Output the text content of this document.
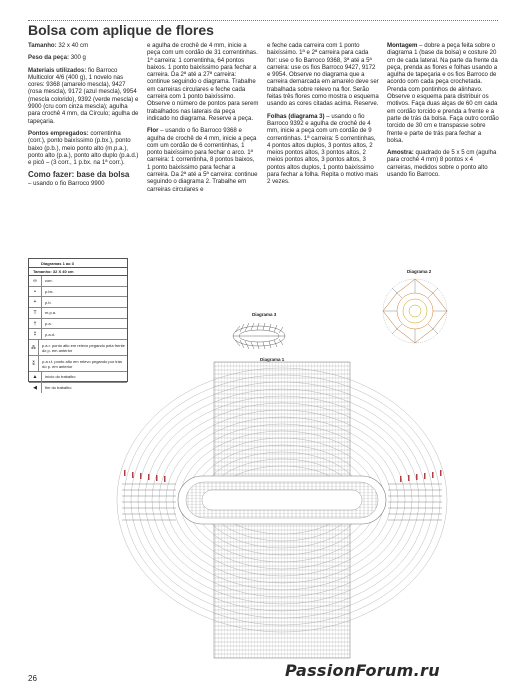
Bolsa com aplique de flores

Tamanho: 32 x 40 cm

Peso da peça: 300 g

Materiais utilizados: fio Barroco Multicolor 4/6 (400 g), 1 novelo nas cores: 9368 (amarelo mescla), 9427 (rosa mescla), 9172 (azul mescla), 9954 (mescla colorido), 9392 (verde mescla) e 9900 (cru com cinza mescla); agulha para crochê 4 mm, da Círculo; agulha de tapeçaria.

Pontos empregados: correntinha (corr.), ponto baixíssimo (p.bx.), ponto baixo (p.b.), meio ponto alto (m.p.a.), ponto alto (p.a.), ponto alto duplo (p.a.d.) e picô – (3 corr., 1 p.bx. na 1ª corr.).

Como fazer: base da bolsa
– usando o fio Barroco 9900

e agulha de crochê de 4 mm, inicie a peça com um cordão de 31 correntinhas. 1ª carreira: 1 correntinha, 64 pontos baixos. 1 ponto baixíssimo para fechar a carreira. Da 2ª até a 27ª carreira: continue seguindo o diagrama. Trabalhe em carreiras circulares e feche cada carreira com 1 ponto baixíssimo. Observe o número de pontos para serem trabalhados nas laterais da peça indicado no diagrama. Reserve a peça.

Flor – usando o fio Barroco 9368 e agulha de crochê de 4 mm, inicie a peça com um cordão de 6 correntinhas, 1 ponto baixíssimo para fechar o arco. 1ª carreira: 1 correntinha, 8 pontos baixos, 1 ponto baixíssimo para fechar a carreira. Da 2ª até a 5ª carreira: continue seguindo o diagrama 2. Trabalhe em carreiras circulares e

e feche cada carreira com 1 ponto baixíssimo. 1ª e 2ª carreira para cada flor: use o fio Barroco 9368, 3ª até a 5ª carreira: use os fios Barroco 9427, 9172 e 9954. Observe no diagrama que a carreira demarcada em amarelo deve ser trabalhada sobre relevo na flor. Serão feitas três flores como mostra o esquema usando as cores citadas acima. Reserve.

Folhas (diagrama 3) – usando o fio Barroco 9392 e agulha de crochê de 4 mm, inicie a peça com um cordão de 9 correntinhas. 1ª carreira: 5 correntinhas, 4 pontos altos duplos, 3 pontos altos, 2 meios pontos altos, 3 pontos altos, 2 meios pontos altos, 3 pontos altos, 3 pontos altos duplos, 1 ponto baixíssimo para fechar a folha. Repita o motivo mais 2 vezes.

Montagem – dobre a peça feita sobre o diagrama 1 (base da bolsa) e costure 20 cm de cada lateral. Na parte da frente da peça, prenda as flores e folhas usando a agulha de tapeçaria e os fios Barroco de acordo com cada peça crochetada. Prenda com pontinhos de alinhavo. Observe o esquema para distribuir os motivos. Faça duas alças de 60 cm cada em cordão torcido e prenda a frente e a parte de trás da bolsa. Faça outro cordão torcido de 30 cm e transpasse sobre frente e parte de trás para fechar a bolsa.

Amostra: quadrado de 5 x 5 cm (agulha para crochê 4 mm) 8 pontos x 4 carreiras, medidos sobre o ponto alto usando fio Barroco.

Diagramas 1 ao 3
Tamanho: 32 X 40 cm
∞	corr.
•	p.bx.
+	p.b.
T	m.p.a.
†	p.a.
‡	p.a.d.
⁂	p.a.r. ponto alto em relevo pegando pela frente do p. em anterior
⁑	p.a.r.t. ponto alto em relevo pegando por trás do p. em anterior
▲	início do trabalho
◀	fim do trabalho
Diagrama 3
Diagrama 2
Diagrama 1
26	PassionForum.ru
